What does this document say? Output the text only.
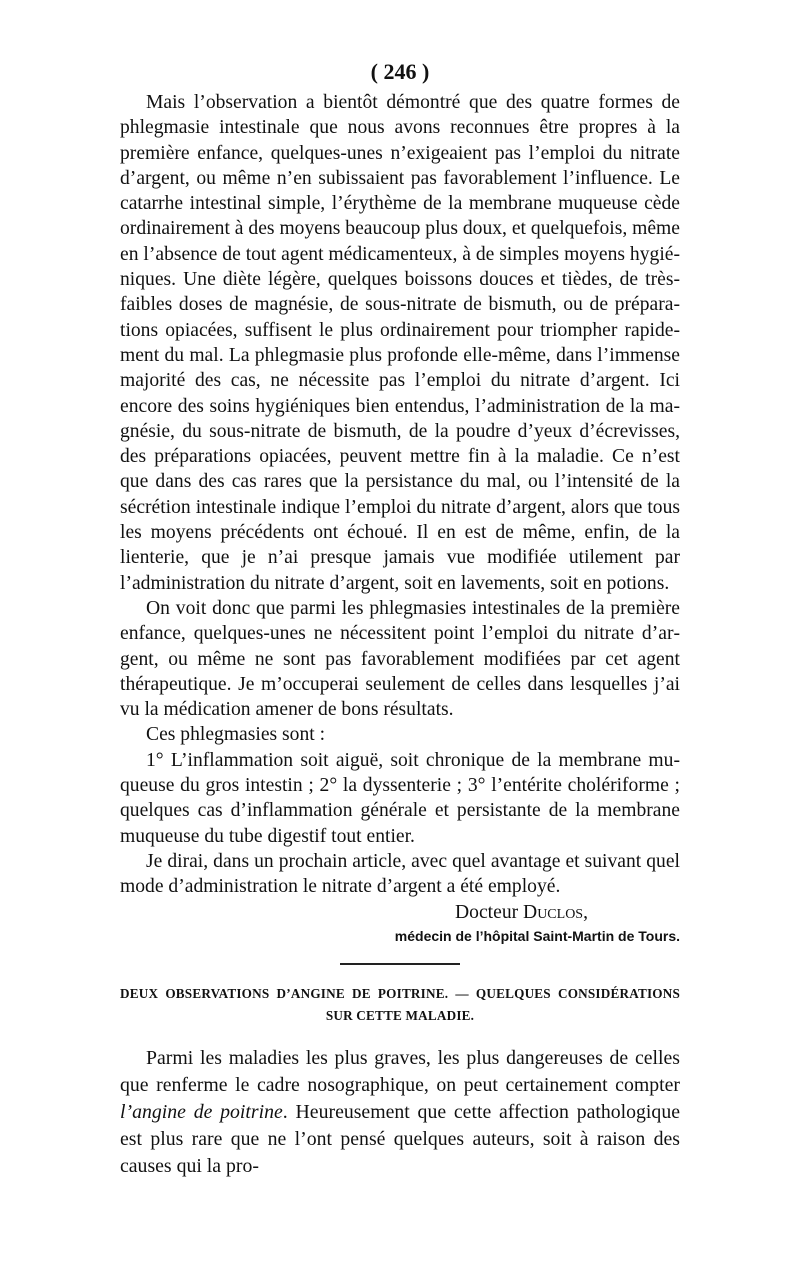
( 246 )

Mais l’observation a bientôt démontré que des quatre formes de phlegmasie intestinale que nous avons reconnues être propres à la première enfance, quelques-unes n’exigeaient pas l’emploi du nitrate d’argent, ou même n’en subissaient pas favorablement l’influence. Le catarrhe intestinal simple, l’érythème de la membrane muqueuse cède ordinairement à des moyens beaucoup plus doux, et quelquefois, même en l’absence de tout agent médicamenteux, à de simples moyens hygiéniques. Une diète légère, quelques boissons douces et tièdes, de très-faibles doses de magnésie, de sous-nitrate de bismuth, ou de préparations opiacées, suffisent le plus ordinairement pour triompher rapidement du mal. La phlegmasie plus profonde elle-même, dans l’immense majorité des cas, ne nécessite pas l’emploi du nitrate d’argent. Ici encore des soins hygiéniques bien entendus, l’administration de la magnésie, du sous-nitrate de bismuth, de la poudre d’yeux d’écrevisses, des préparations opiacées, peuvent mettre fin à la maladie. Ce n’est que dans des cas rares que la persistance du mal, ou l’intensité de la sécrétion intestinale indique l’emploi du nitrate d’argent, alors que tous les moyens précédents ont échoué. Il en est de même, enfin, de la lienterie, que je n’ai presque jamais vue modifiée utilement par l’administration du nitrate d’argent, soit en lavements, soit en potions.

On voit donc que parmi les phlegmasies intestinales de la première enfance, quelques-unes ne nécessitent point l’emploi du nitrate d’argent, ou même ne sont pas favorablement modifiées par cet agent thérapeutique. Je m’occuperai seulement de celles dans lesquelles j’ai vu la médication amener de bons résultats.

Ces phlegmasies sont :

1° L’inflammation soit aiguë, soit chronique de la membrane muqueuse du gros intestin ; 2° la dyssenterie ; 3° l’entérite cholériforme ; quelques cas d’inflammation générale et persistante de la membrane muqueuse du tube digestif tout entier.

Je dirai, dans un prochain article, avec quel avantage et suivant quel mode d’administration le nitrate d’argent a été employé.

Docteur Duclos,

médecin de l’hôpital Saint-Martin de Tours.

DEUX OBSERVATIONS D’ANGINE DE POITRINE. — QUELQUES CONSIDÉRATIONS

SUR CETTE MALADIE.

Parmi les maladies les plus graves, les plus dangereuses de celles que renferme le cadre nosographique, on peut certainement compter l’angine de poitrine. Heureusement que cette affection pathologique est plus rare que ne l’ont pensé quelques auteurs, soit à raison des causes qui la pro-
